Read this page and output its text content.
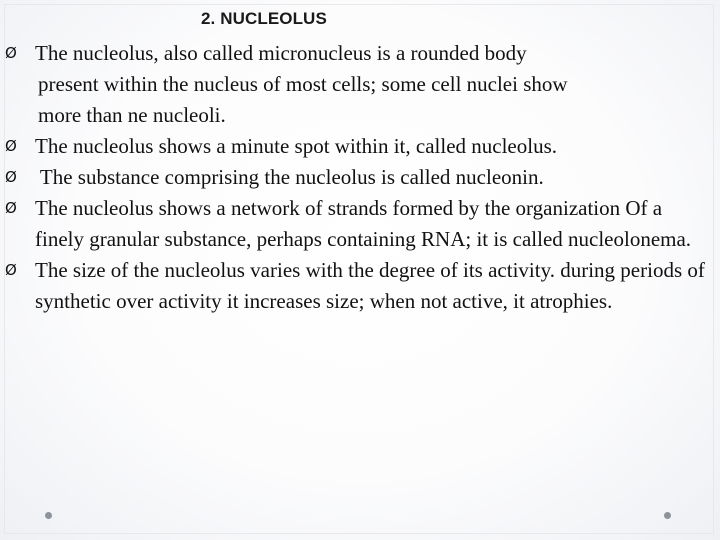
2. NUCLEOLUS
Ø The nucleolus, also called micronucleus is a rounded body
present within the nucleus of most cells; some cell nuclei show
more than ne nucleoli.
Ø The nucleolus shows a minute spot within it, called nucleolus.
Ø The substance comprising the nucleolus is called nucleonin.
Ø The nucleolus shows a network of strands formed by the organization Of a finely granular substance, perhaps containing RNA; it is called nucleolonema.
Ø The size of the nucleolus varies with the degree of its activity. during periods of synthetic over activity it increases size; when not active, it atrophies.
